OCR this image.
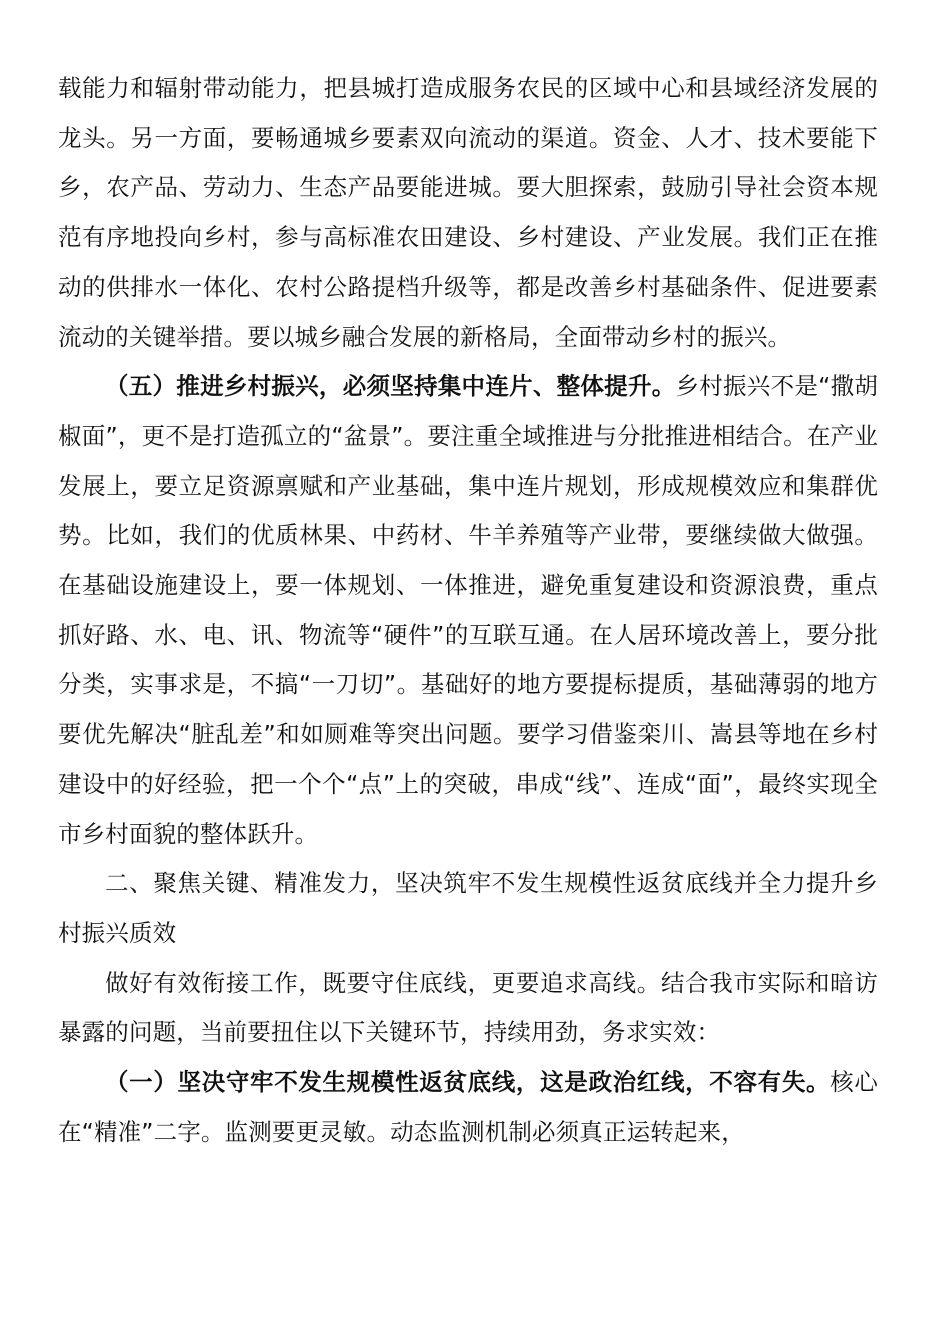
载能力和辐射带动能力，把县城打造成服务农民的区域中心和县域经济发展的龙头。另一方面，要畅通城乡要素双向流动的渠道。资金、人才、技术要能下乡，农产品、劳动力、生态产品要能进城。要大胆探索，鼓励引导社会资本规范有序地投向乡村，参与高标准农田建设、乡村建设、产业发展。我们正在推动的供排水一体化、农村公路提档升级等，都是改善乡村基础条件、促进要素流动的关键举措。要以城乡融合发展的新格局，全面带动乡村的振兴。

（五）推进乡村振兴，必须坚持集中连片、整体提升。乡村振兴不是“撒胡椒面”，更不是打造孤立的“盆景”。要注重全域推进与分批推进相结合。在产业发展上，要立足资源禀赋和产业基础，集中连片规划，形成规模效应和集群优势。比如，我们的优质林果、中药材、牛羊养殖等产业带，要继续做大做强。在基础设施建设上，要一体规划、一体推进，避免重复建设和资源浪费，重点抓好路、水、电、讯、物流等“硬件”的互联互通。在人居环境改善上，要分批分类，实事求是，不搞“一刀切”。基础好的地方要提标提质，基础薄弱的地方要优先解决“脏乱差”和如厕难等突出问题。要学习借鉴栾川、嵩县等地在乡村建设中的好经验，把一个个“点”上的突破，串成“线”、连成“面”，最终实现全市乡村面貌的整体跃升。

二、聚焦关键、精准发力，坚决筑牢不发生规模性返贫底线并全力提升乡村振兴质效

做好有效衔接工作，既要守住底线，更要追求高线。结合我市实际和暗访暴露的问题，当前要扭住以下关键环节，持续用劲，务求实效：

（一）坚决守牢不发生规模性返贫底线，这是政治红线，不容有失。核心在“精准”二字。监测要更灵敏。动态监测机制必须真正运转起来，
